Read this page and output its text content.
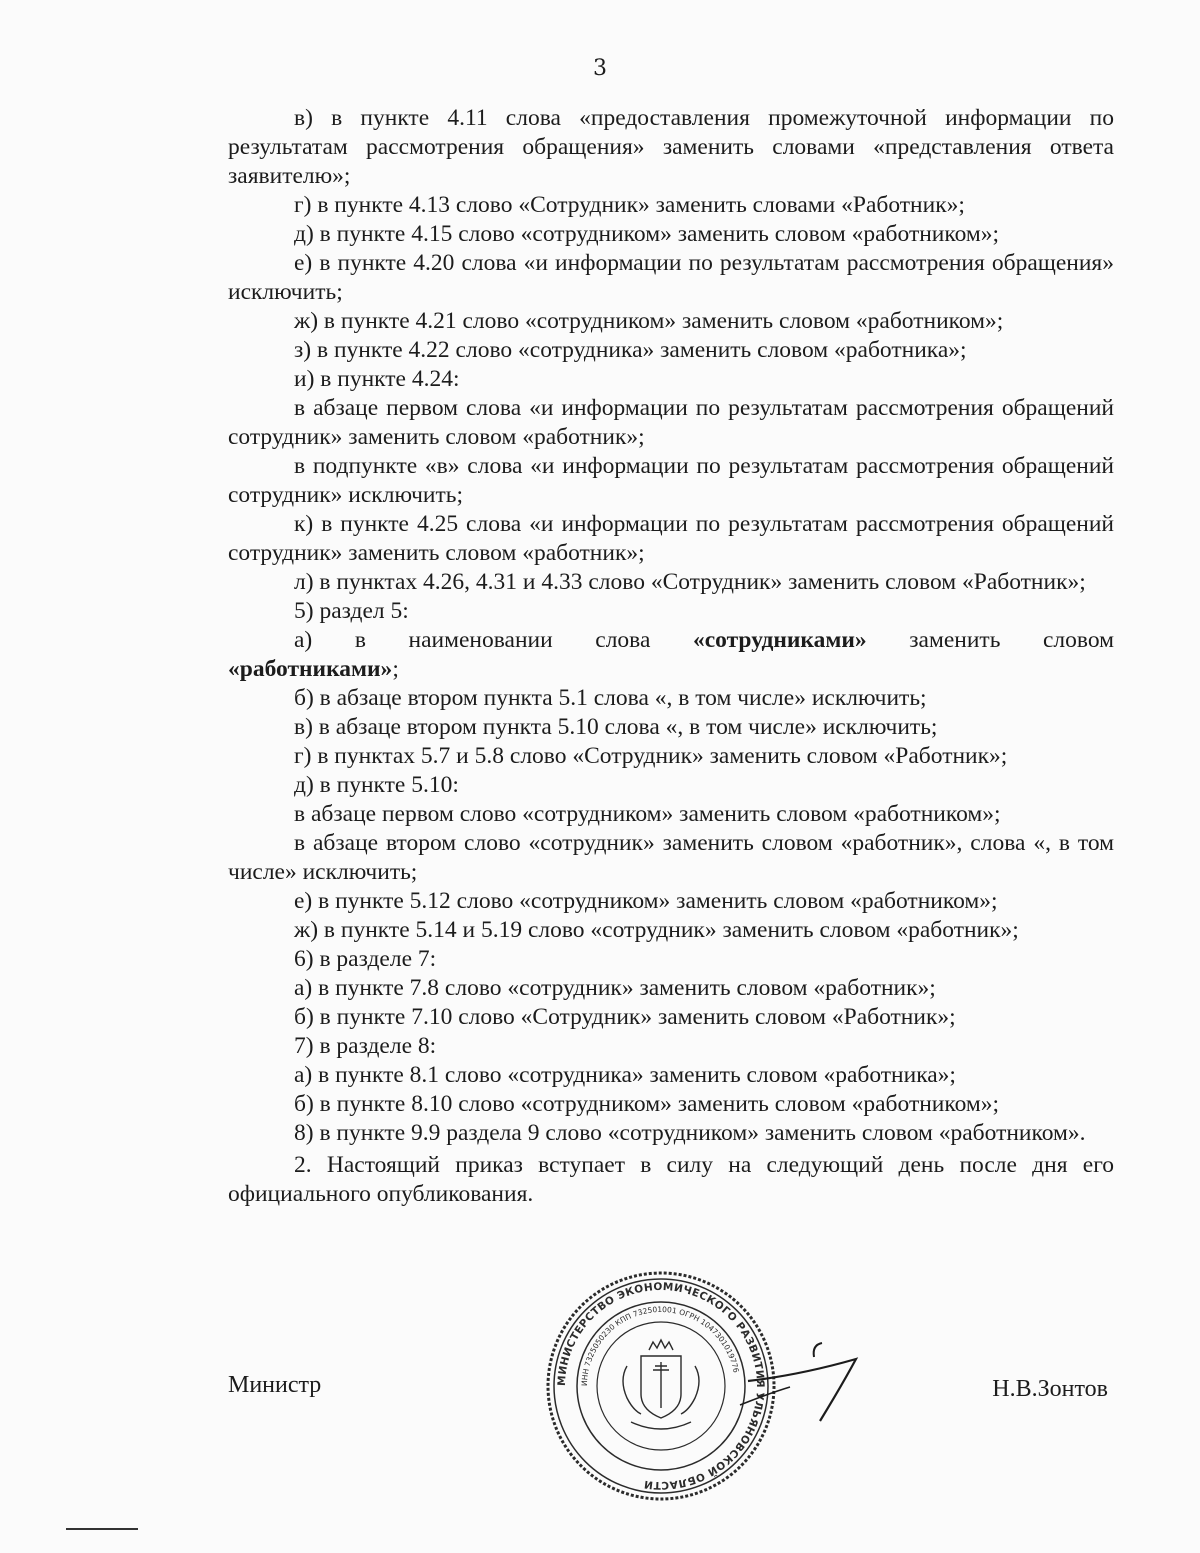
3

в) в пункте 4.11 слова «предоставления промежуточной информации по результатам рассмотрения обращения» заменить словами «представления ответа заявителю»;

г) в пункте 4.13 слово «Сотрудник» заменить словами «Работник»;

д) в пункте 4.15 слово «сотрудником» заменить словом «работником»;

е) в пункте 4.20 слова «и информации по результатам рассмотрения обращения» исключить;

ж) в пункте 4.21 слово «сотрудником» заменить словом «работником»;

з) в пункте 4.22 слово «сотрудника» заменить словом «работника»;

и) в пункте 4.24:

в абзаце первом слова «и информации по результатам рассмотрения обращений сотрудник» заменить словом «работник»;

в подпункте «в» слова «и информации по результатам рассмотрения обращений сотрудник» исключить;

к) в пункте 4.25 слова «и информации по результатам рассмотрения обращений сотрудник» заменить словом «работник»;

л) в пунктах 4.26, 4.31 и 4.33 слово «Сотрудник» заменить словом «Работник»;

5) раздел 5:

а) в наименовании слова «сотрудниками» заменить словом
«работниками»;

б) в абзаце втором пункта 5.1 слова «, в том числе» исключить;

в) в абзаце втором пункта 5.10 слова «, в том числе» исключить;

г) в пунктах 5.7 и 5.8 слово «Сотрудник» заменить словом «Работник»;

д) в пункте 5.10:

в абзаце первом слово «сотрудником» заменить словом «работником»;

в абзаце втором слово «сотрудник» заменить словом «работник», слова «, в том числе» исключить;

е) в пункте 5.12 слово «сотрудником» заменить словом «работником»;

ж) в пункте 5.14 и 5.19 слово «сотрудник» заменить словом «работник»;

6) в разделе 7:

а) в пункте 7.8 слово «сотрудник» заменить словом «работник»;

б) в пункте 7.10 слово «Сотрудник» заменить словом «Работник»;

7) в разделе 8:

а) в пункте 8.1 слово «сотрудника» заменить словом «работника»;

б) в пункте 8.10 слово «сотрудником» заменить словом «работником»;

8) в пункте 9.9 раздела 9 слово «сотрудником» заменить словом «работником».

2. Настоящий приказ вступает в силу на следующий день после дня его официального опубликования.

Министр	МИНИСТЕРСТВО ЭКОНОМИЧЕСКОГО РАЗВИТИЯ УЛЬЯНОВСКОЙ ОБЛАСТИ
ИНН 7325050230 КПП 732501001 ОГРН 1047301019776
Н.В.Зонтов
